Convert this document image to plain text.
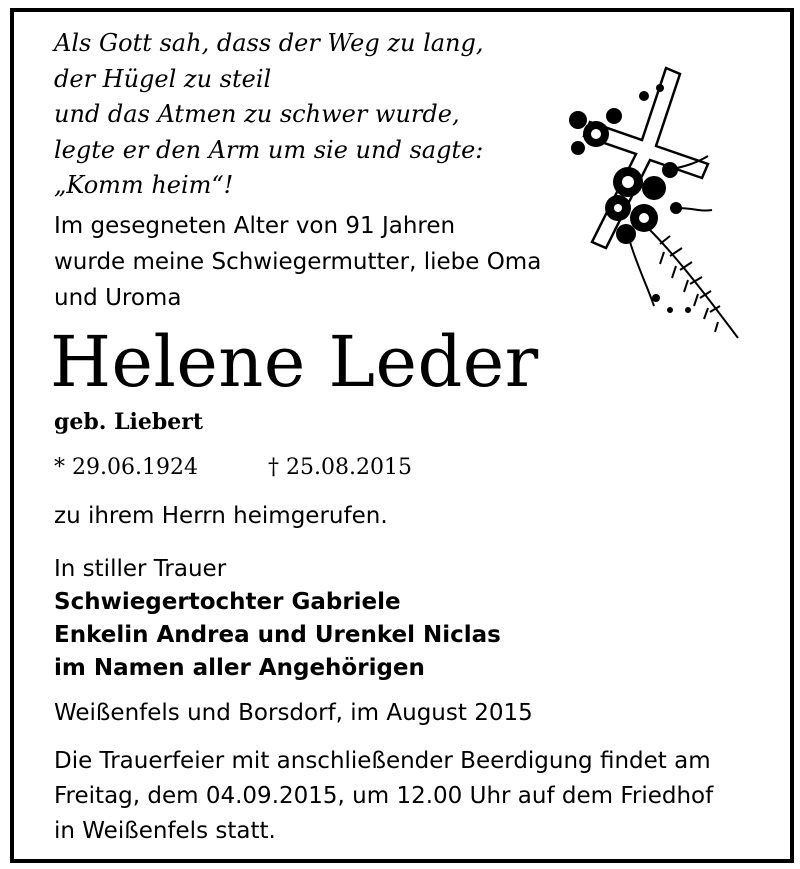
Als Gott sah, dass der Weg zu lang,
der Hügel zu steil
und das Atmen zu schwer wurde,
legte er den Arm um sie und sagte:
„Komm heim“!
Im gesegneten Alter von 91 Jahren
wurde meine Schwiegermutter, liebe Oma
und Uroma
Helene Leder
geb. Liebert
* 29.06.1924	† 25.08.2015
zu ihrem Herrn heimgerufen.
In stiller Trauer
Schwiegertochter Gabriele
Enkelin Andrea und Urenkel Niclas
im Namen aller Angehörigen
Weißenfels und Borsdorf, im August 2015
Die Trauerfeier mit anschließender Beerdigung findet am
Freitag, dem 04.09.2015, um 12.00 Uhr auf dem Friedhof
in Weißenfels statt.
